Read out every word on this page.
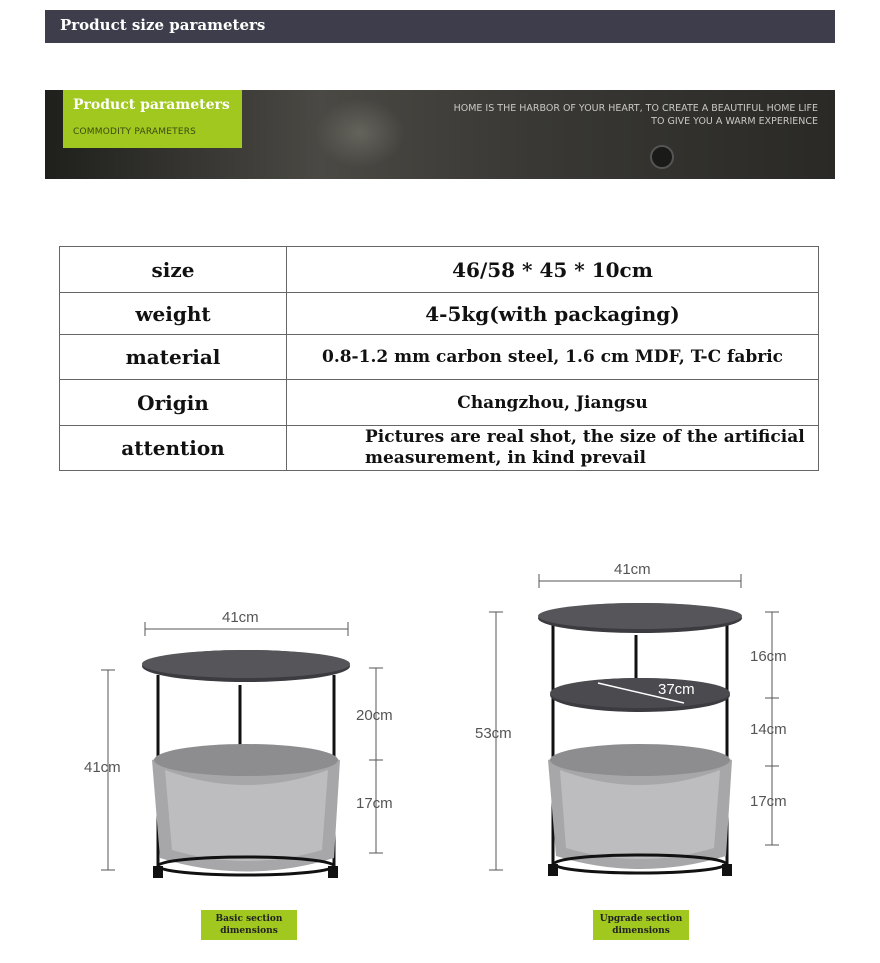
Product size parameters
Product parameters
COMMODITY PARAMETERS
HOME IS THE HARBOR OF YOUR HEART, TO CREATE A BEAUTIFUL HOME LIFE
TO GIVE YOU A WARM EXPERIENCE
size	46/58 * 45 * 10cm
weight	4-5kg(with packaging)
material	0.8-1.2 mm carbon steel, 1.6 cm MDF, T-C fabric
Origin	Changzhou, Jiangsu
attention	Pictures are real shot, the size of the artificial
measurement, in kind prevail
41cm
41cm
20cm
17cm
41cm
53cm
37cm
16cm
14cm
17cm
Basic section
dimensions
Upgrade section
dimensions
